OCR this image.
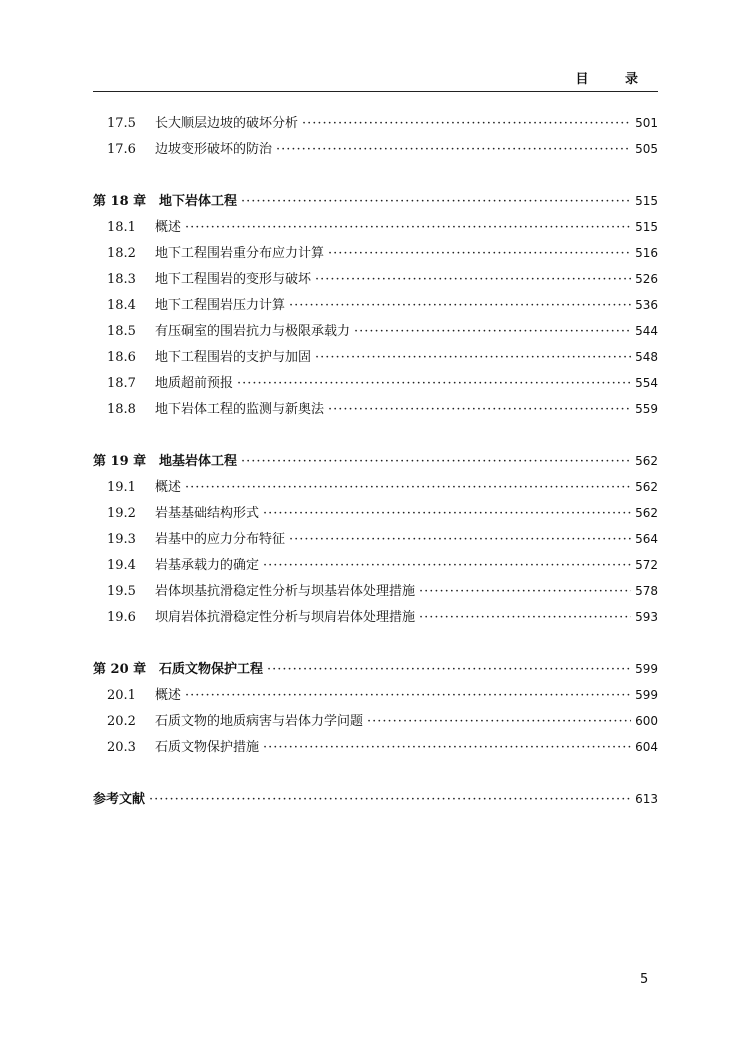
目 录
17.5	长大顺层边坡的破坏分析 ·····	501
17.6	边坡变形破坏的防治 ·····	505
第 18 章 地下岩体工程 ·····	515
18.1	概述 ·····	515
18.2	地下工程围岩重分布应力计算 ·····	516
18.3	地下工程围岩的变形与破坏 ·····	526
18.4	地下工程围岩压力计算 ·····	536
18.5	有压硐室的围岩抗力与极限承载力 ·····	544
18.6	地下工程围岩的支护与加固 ·····	548
18.7	地质超前预报 ·····	554
18.8	地下岩体工程的监测与新奥法 ·····	559
第 19 章 地基岩体工程 ·····	562
19.1	概述 ·····	562
19.2	岩基基础结构形式 ·····	562
19.3	岩基中的应力分布特征 ·····	564
19.4	岩基承载力的确定 ·····	572
19.5	岩体坝基抗滑稳定性分析与坝基岩体处理措施 ·····	578
19.6	坝肩岩体抗滑稳定性分析与坝肩岩体处理措施 ·····	593
第 20 章 石质文物保护工程 ·····	599
20.1	概述 ·····	599
20.2	石质文物的地质病害与岩体力学问题 ·····	600
20.3	石质文物保护措施 ·····	604
参考文献 ·····	613
5
